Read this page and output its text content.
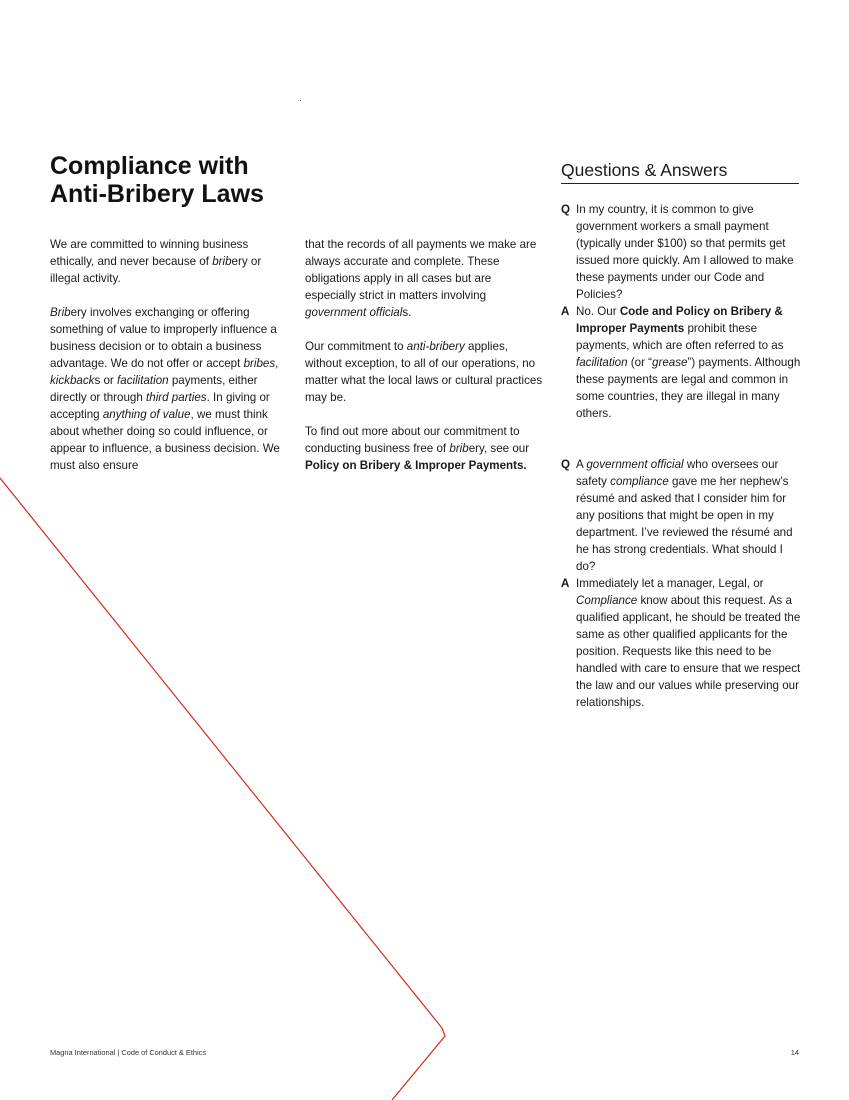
Compliance with Anti-Bribery Laws

We are committed to winning business ethically, and never because of bribery or illegal activity.

Bribery involves exchanging or offering something of value to improperly influence a business decision or to obtain a business advantage. We do not offer or accept bribes, kickbacks or facilitation payments, either directly or through third parties. In giving or accepting anything of value, we must think about whether doing so could influence, or appear to influence, a business decision. We must also ensure

that the records of all payments we make are always accurate and complete. These obligations apply in all cases but are especially strict in matters involving government officials.

Our commitment to anti-bribery applies, without exception, to all of our operations, no matter what the local laws or cultural practices may be.

To find out more about our commitment to conducting business free of bribery, see our Policy on Bribery & Improper Payments.

Questions & Answers
Q In my country, it is common to give government workers a small payment (typically under $100) so that permits get issued more quickly. Am I allowed to make these payments under our Code and Policies?
A No. Our Code and Policy on Bribery & Improper Payments prohibit these payments, which are often referred to as facilitation (or “grease”) payments. Although these payments are legal and common in some countries, they are illegal in many others.
Q A government official who oversees our safety compliance gave me her nephew’s résumé and asked that I consider him for any positions that might be open in my department. I’ve reviewed the résumé and he has strong credentials. What should I do?
A Immediately let a manager, Legal, or Compliance know about this request. As a qualified applicant, he should be treated the same as other qualified applicants for the position. Requests like this need to be handled with care to ensure that we respect the law and our values while preserving our relationships.
Magna International | Code of Conduct & Ethics	14
